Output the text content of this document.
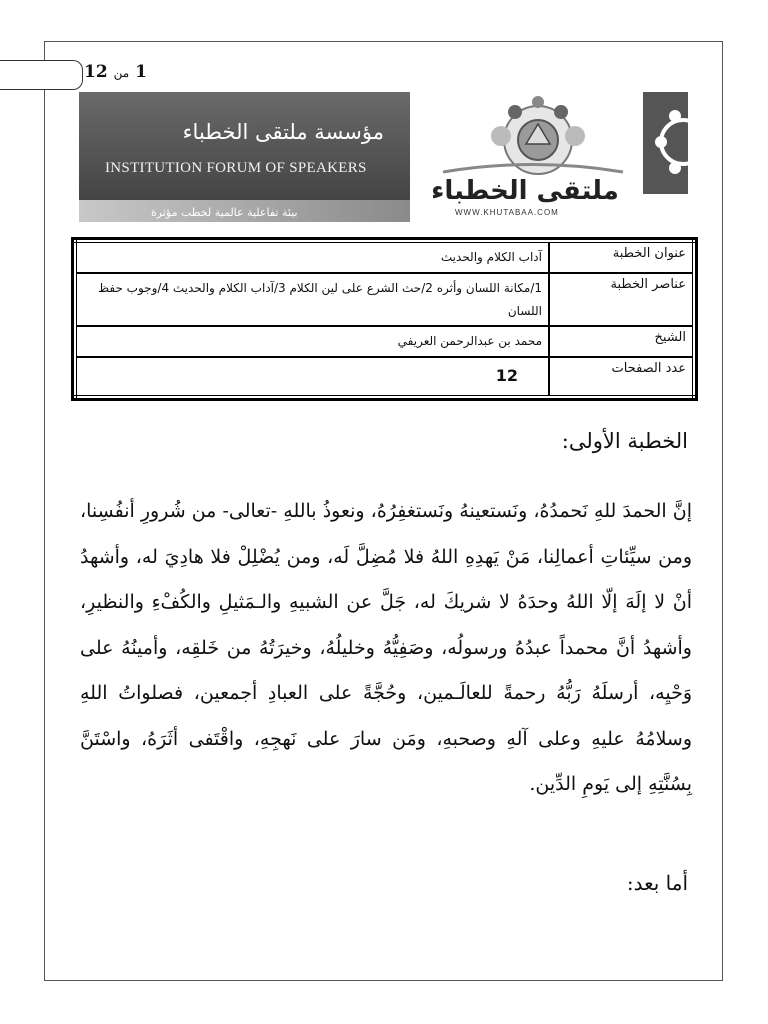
1 من 12
مؤسسة ملتقى الخطباء
INSTITUTION FORUM OF SPEAKERS
بيئة تفاعلية عالمية لخطب مؤثرة
ملتقى الخطباء
WWW.KHUTABAA.COM
عنوان الخطبة	آداب الكلام والحديث
عناصر الخطبة	1/مكانة اللسان وأثره 2/حث الشرع على لين الكلام 3/آداب الكلام والحديث 4/وجوب حفظ اللسان
الشيخ	محمد بن عبدالرحمن العريفي
عدد الصفحات	12
الخطبة الأولى:
إنَّ الحمدَ للهِ نَحمدُهُ، ونَستعينهُ ونَستغفِرُهُ، ونعوذُ باللهِ -تعالى- من شُرورِ أنفُسِنا، ومن سيِّئاتِ أعمالِنا، مَنْ يَهدِهِ اللهُ فلا مُضِلَّ لَه، ومن يُضْلِلْ فلا هادِيَ له، وأشهدُ أنْ لا إلَهَ إلّا اللهُ وحدَهُ لا شريكَ له، جَلَّ عن الشبيهِ والـمَثيلِ والكُفْءِ والنظيرِ، وأشهدُ أنَّ محمداً عبدُهُ ورسولُه، وصَفِيُّهُ وخليلُهُ، وخيرَتُهُ من خَلقِه، وأمينُهُ على وَحْيِه، أرسلَهُ رَبُّهُ رحمةً للعالَـمين، وحُجَّةً على العبادِ أجمعين، فصلواتُ اللهِ وسلامُهُ عليهِ وعلى آلهِ وصحبهِ، ومَن سارَ على نَهجِهِ، واقْتَفى أثَرَهُ، واسْتَنَّ بِسُنَّتِهِ إلى يَومِ الدِّين.
أما بعد:
